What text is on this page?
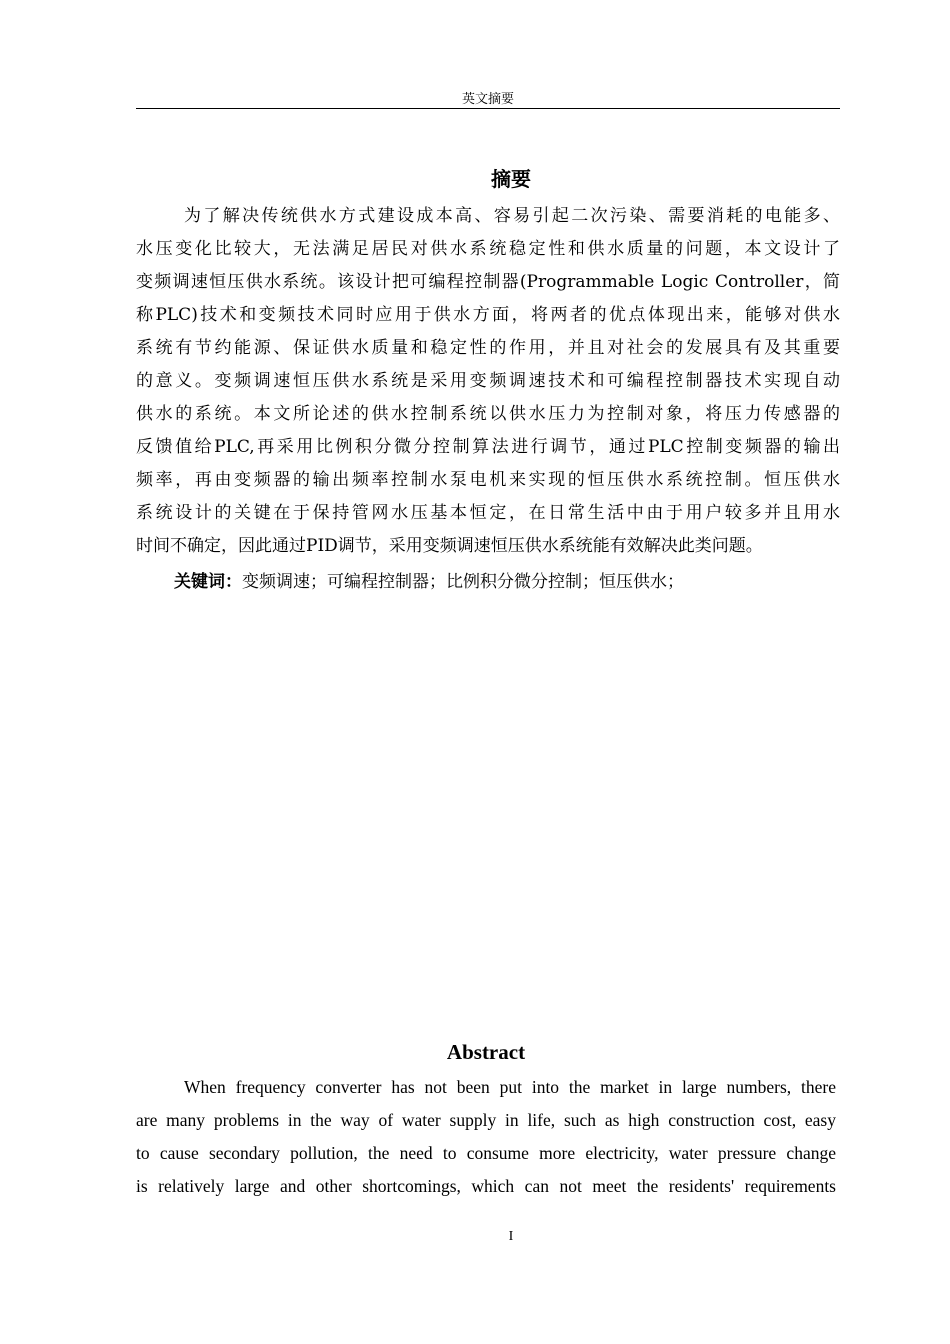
英文摘要
摘要
为了解决传统供水方式建设成本高、容易引起二次污染、需要消耗的电能多、
水压变化比较大，无法满足居民对供水系统稳定性和供水质量的问题，本文设计了
变频调速恒压供水系统。该设计把可编程控制器(Programmable Logic Controller，简
称PLC)技术和变频技术同时应用于供水方面，将两者的优点体现出来，能够对供水
系统有节约能源、保证供水质量和稳定性的作用，并且对社会的发展具有及其重要
的意义。变频调速恒压供水系统是采用变频调速技术和可编程控制器技术实现自动
供水的系统。本文所论述的供水控制系统以供水压力为控制对象，将压力传感器的
反馈值给PLC,再采用比例积分微分控制算法进行调节，通过PLC控制变频器的输出
频率，再由变频器的输出频率控制水泵电机来实现的恒压供水系统控制。恒压供水
系统设计的关键在于保持管网水压基本恒定，在日常生活中由于用户较多并且用水
时间不确定，因此通过PID调节，采用变频调速恒压供水系统能有效解决此类问题。
关键词：变频调速；可编程控制器；比例积分微分控制；恒压供水；
Abstract
When frequency converter has not been put into the market in large numbers, there
are many problems in the way of water supply in life, such as high construction cost, easy
to cause secondary pollution, the need to consume more electricity, water pressure change
is relatively large and other shortcomings, which can not meet the residents' requirements
I
